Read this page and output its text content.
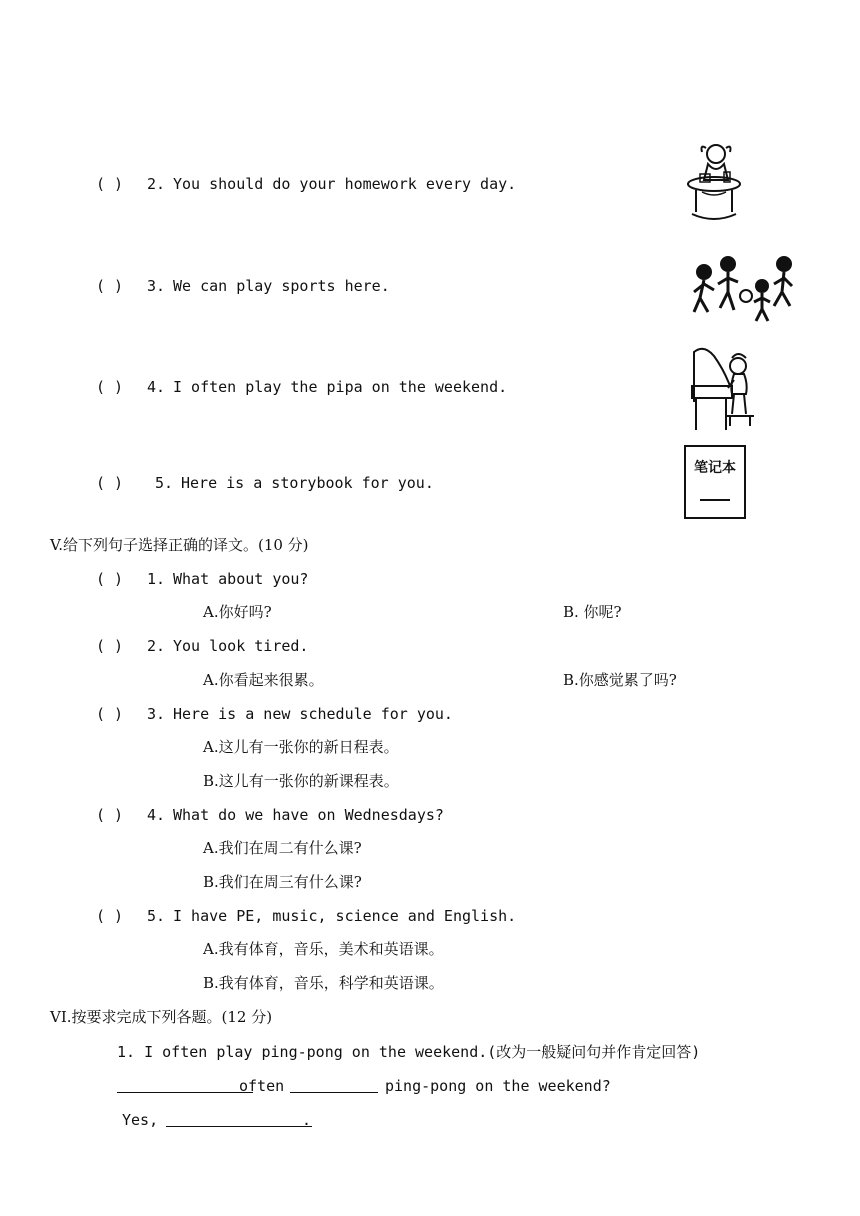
( ) 2. You should do your homework every day.
( ) 3. We can play sports here.
( ) 4. I often play the pipa on the weekend.
( ) 5. Here is a storybook for you.
笔记本
V.给下列句子选择正确的译文。(10 分)
( ) 1. What about you?
A.你好吗?	B. 你呢?
( ) 2. You look tired.
A.你看起来很累。	B.你感觉累了吗?
( ) 3. Here is a new schedule for you.
A.这儿有一张你的新日程表。
B.这儿有一张你的新课程表。
( ) 4. What do we have on Wednesdays?
A.我们在周二有什么课?
B.我们在周三有什么课?
( ) 5. I have PE, music, science and English.
A.我有体育，音乐，美术和英语课。
B.我有体育，音乐，科学和英语课。
VI.按要求完成下列各题。(12 分)
1. I often play ping-pong on the weekend.(改为一般疑问句并作肯定回答)
often	ping-pong on the weekend?
Yes,	.
